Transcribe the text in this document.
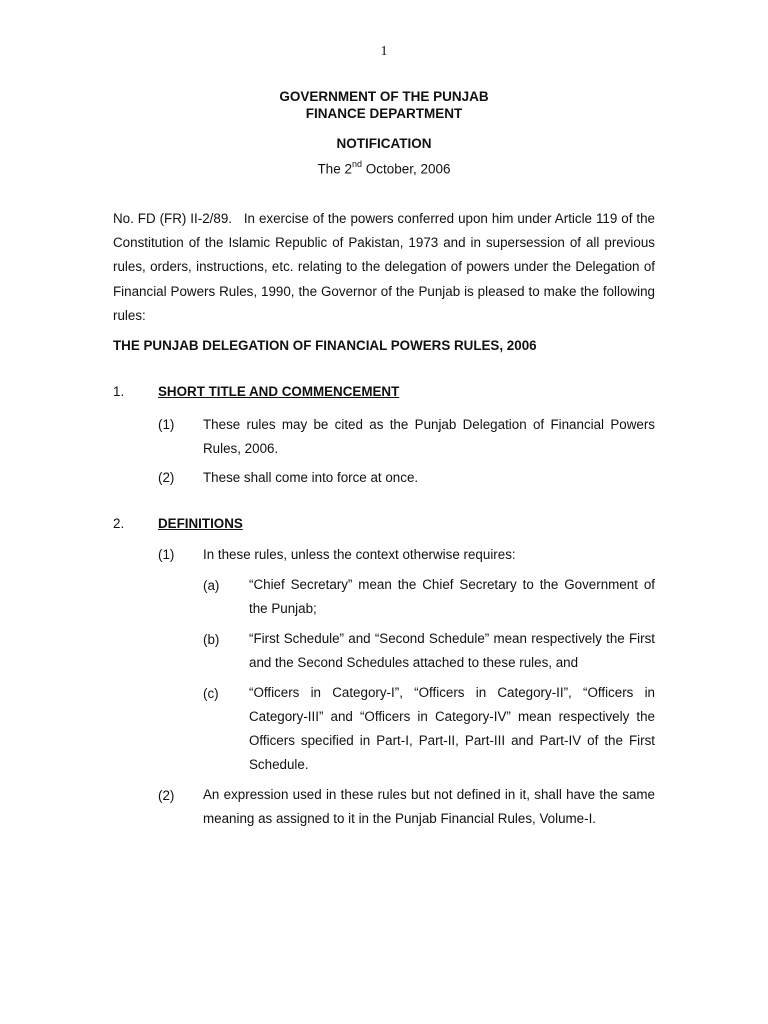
1
GOVERNMENT OF THE PUNJAB
FINANCE DEPARTMENT
NOTIFICATION
The 2nd October, 2006
No. FD (FR) II-2/89.   In exercise of the powers conferred upon him under Article 119 of the Constitution of the Islamic Republic of Pakistan, 1973 and in supersession of all previous rules, orders, instructions, etc. relating to the delegation of powers under the Delegation of Financial Powers Rules, 1990, the Governor of the Punjab is pleased to make the following rules:
THE PUNJAB DELEGATION OF FINANCIAL POWERS RULES, 2006
1.	SHORT TITLE AND COMMENCEMENT
(1) These rules may be cited as the Punjab Delegation of Financial Powers Rules, 2006.
(2) These shall come into force at once.
2.	DEFINITIONS
(1) In these rules, unless the context otherwise requires:
(a) “Chief Secretary” mean the Chief Secretary to the Government of the Punjab;
(b) “First Schedule” and “Second Schedule” mean respectively the First and the Second Schedules attached to these rules, and
(c) “Officers in Category-I”, “Officers in Category-II”, “Officers in Category-III” and “Officers in Category-IV” mean respectively the Officers specified in Part-I, Part-II, Part-III and Part-IV of the First Schedule.
(2) An expression used in these rules but not defined in it, shall have the same meaning as assigned to it in the Punjab Financial Rules, Volume-I.
